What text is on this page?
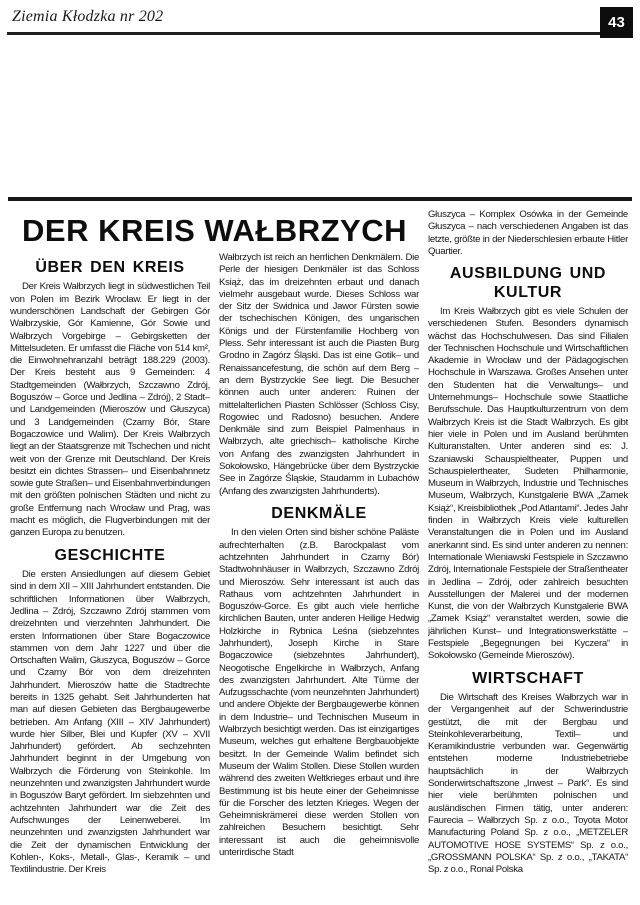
Ziemia Kłodzka nr 202	43
DER KREIS WAŁBRZYCH
ÜBER DEN KREIS

Der Kreis Wałbrzych liegt in südwestlichen Teil von Polen im Bezirk Wrocław. Er liegt in der wunderschönen Landschaft der Gebirgen Gór Wałbrzyskie, Gór Kamienne, Gór Sowie und Wałbrzych Vorgebirge – Gebirgsketten der Mittelsudeten. Er umfasst die Fläche von 514 km², die Einwohnehranzahl beträgt 188.229 (2003). Der Kreis besteht aus 9 Gemeinden: 4 Stadtgemeinden (Wałbrzych, Szczawno Zdrój, Boguszów – Gorce und Jedlina – Zdrój), 2 Stadt– und Landgemeinden (Mieroszów und Głuszyca) und 3 Landgemeinden (Czarny Bór, Stare Bogaczowice und Walim). Der Kreis Wałbrzych liegt an der Staatsgrenze mit Tschechen und nicht weit von der Grenze mit Deutschland. Der Kreis besitzt ein dichtes Strassen– und Eisenbahnnetz sowie gute Straßen– und Eisenbahnverbindungen mit den größten polnischen Städten und nicht zu große Entfernung nach Wrocław und Prag, was macht es möglich, die Flugverbindungen mit der ganzen Europa zu benutzen.

GESCHICHTE

Die ersten Ansiedlungen auf diesem Gebiet sind in dem XII – XIII Jahrhundert entstanden. Die schriftlichen Informationen über Wałbrzych, Jedlina – Zdrój, Szczawno Zdrój stammen vom dreizehnten und vierzehnten Jahrhundert. Die ersten Informationen über Stare Bogaczowice stammen von dem Jahr 1227 und über die Ortschaften Walim, Głuszyca, Boguszów – Gorce und Czarny Bór von dem dreizehnten Jahrhundert. Mieroszów hatte die Stadtrechte bereits in 1325 gehabt. Seit Jahrhunderten hat man auf diesen Gebieten das Bergbaugewerbe betrieben. Am Anfang (XIII – XIV Jahrhundert) wurde hier Silber, Blei und Kupfer (XV – XVII Jahrhundert) gefördert. Ab sechzehnten Jahrhundert beginnt in der Umgebung von Wałbrzych die Förderung von Steinkohle. Im neunzehnten und zwanzigsten Jahrhundert wurde in Boguszów Baryt gefördert. Im siebzehnten und achtzehnten Jahrhundert war die Zeit des Aufschwunges der Leinenweberei. Im neunzehnten und zwanzigsten Jahrhundert war die Zeit der dynamischen Entwicklung der Kohlen-, Koks-, Metall-, Glas-, Keramik – und Textilindustrie. Der Kreis

Wałbrzych ist reich an herrlichen Denkmälern. Die Perle der hiesigen Denkmäler ist das Schloss Książ, das im dreizehnten erbaut und danach vielmehr ausgebaut wurde. Dieses Schloss war der Sitz der Swidnica und Jawor Fürsten sowie der tschechischen Königen, des ungarischen Königs und der Fürstenfamilie Hochberg von Pless. Sehr interessant ist auch die Piasten Burg Grodno in Zagórz Śląski. Das ist eine Gotik– und Renaissancefestung, die schön auf dem Berg – an dem Bystrzyckie See liegt. Die Besucher können auch unter anderen: Ruinen der mittelalterlichen Piasten Schlösser (Schloss Cisy, Rogowiec und Radosno) besuchen. Andere Denkmäle sind zum Beispiel Palmenhaus in Wałbrzych, alte griechisch– katholische Kirche von Anfang des zwanzigsten Jahrhundert in Sokołowsko, Hängebrücke über dem Bystrzyckie See in Zagórze Śląskie, Staudamm in Lubachów (Anfang des zwanzigsten Jahrhunderts).

DENKMÄLE

In den vielen Orten sind bisher schöne Paläste aufrechterhalten (z.B. Barockpalast vom achtzehnten Jahrhundert in Czarny Bór) Stadtwohnhäuser in Wałbrzych, Szczawno Zdrój und Mieroszów. Sehr interessant ist auch das Rathaus vom achtzehnten Jahrhundert in Boguszów-Gorce. Es gibt auch viele herrliche kirchlichen Bauten, unter anderen Heilige Hedwig Holzkirche in Rybnica Leśna (siebzehntes Jahrhundert), Joseph Kirche in Stare Bogaczowice (siebzehntes Jahrhundert), Neogotische Engelkirche in Wałbrzych, Anfang des zwanzigsten Jahrhundert. Alte Türme der Aufzugsschachte (vom neunzehnten Jahrhundert) und andere Objekte der Bergbaugewerbe können in dem Industrie– und Technischen Museum in Wałbrzych besichtigt werden. Das ist einzigartiges Museum, welches gut erhaltene Bergbauobjekte besitzt. In der Gemeinde Walim befindet sich Museum der Walim Stollen. Diese Stollen wurden während des zweiten Weltkrieges erbaut und ihre Bestimmung ist bis heute einer der Geheimnisse für die Forscher des letzten Krieges. Wegen der Geheimniskrämerei diese werden Stollen von zahlreichen Besuchern besichtigt. Sehr interessant ist auch die geheimnisvolle unterirdische Stadt

Głuszyca – Komplex Osówka in der Gemeinde Głuszyca – nach verschiedenen Angaben ist das letzte, größte in der Niederschlesien erbaute Hitler Quartier.

AUSBILDUNG UND KULTUR

Im Kreis Wałbrzych gibt es viele Schulen der verschiedenen Stufen. Besonders dynamisch wächst das Hochschulwesen. Das sind Filialen der Technischen Hochschule und Wirtschaftlichen Akademie in Wrocław und der Pädagogischen Hochschule in Warszawa. Großes Ansehen unter den Studenten hat die Verwaltungs– und Unternehmungs– Hochschule sowie Staatliche Berufsschule. Das Hauptkulturzentrum von dem Wałbrzych Kreis ist die Stadt Wałbrzych. Es gibt hier viele in Polen und im Ausland berühmten Kulturanstalten. Unter anderen sind es: J. Szaniawski Schauspieltheater, Puppen und Schauspielertheater, Sudeten Philharmonie, Museum in Wałbrzych, Industrie und Technisches Museum, Wałbrzych, Kunstgalerie BWA „Zamek Książ“, Kreisbibliothek „Pod Atlantami“. Jedes Jahr finden in Wałbrzych Kreis viele kulturellen Veranstaltungen die in Polen und im Ausland anerkannt sind. Es sind unter anderen zu nennen: Internationale Wieniawski Festspiele in Szczawno Zdrój, Internationale Festspiele der Straßentheater in Jedlina – Zdrój, oder zahlreich besuchten Ausstellungen der Malerei und der modernen Kunst, die von der Wałbrzych Kunstgalerie BWA „Zamek Książ“ veranstaltet werden, sowie die jährlichen Kunst– und Integrationswerkstätte – Festspiele „Begegnungen bei Kyczera“ in Sokołowsko (Gemeinde Mieroszów).

WIRTSCHAFT

Die Wirtschaft des Kreises Wałbrzych war in der Vergangenheit auf der Schwerindustrie gestützt, die mit der Bergbau und Steinkohleverarbeitung, Textil– und Keramikindustrie verbunden war. Gegenwärtig entstehen moderne Industriebetriebe hauptsächlich in der Wałbrzych Sonderwirtschaftszone „Inwest – Park“. Es sind hier viele berühmten polnischen und ausländischen Firmen tätig, unter anderen: Faurecia – Wałbrzych Sp. z o.o., Toyota Motor Manufacturing Poland Sp. z o.o., „METZELER AUTOMOTIVE HOSE SYSTEMS“ Sp. z o.o., „GROSSMANN POLSKA“ Sp. z o.o., „TAKATA“ Sp. z o.o., Ronal Polska
